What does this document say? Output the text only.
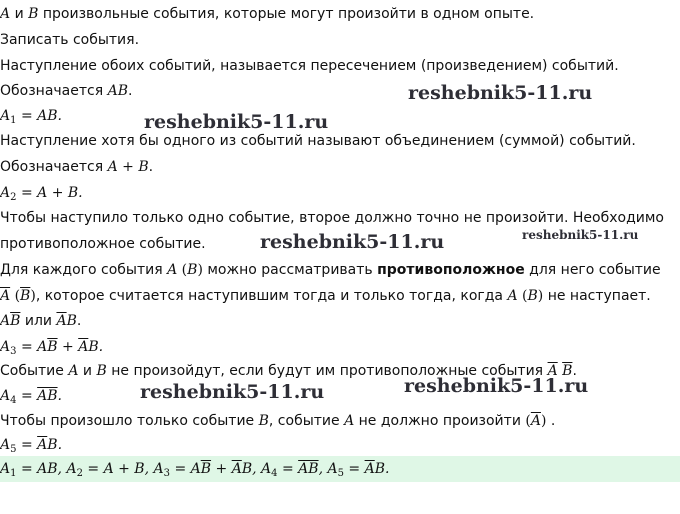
A и B произвольные события, которые могут произойти в одном опыте.
Записать события.
Наступление обоих событий, называется пересечением (произведением) событий.
Обозначается AB.
$A_1$ = AB.
Наступление хотя бы одного из событий называют объединением (суммой) событий.
Обозначается A + B.
$A_2 = A + B$.
Чтобы наступило только одно событие, второе должно точно не произойти. Необходимо
противоположное событие.
Для каждого события A (B) можно рассматривать противоположное для него событие
$\overline{A}$ $(\overline{B})$, которое считается наступившим тогда и только тогда, когда A (B) не наступает.
$A\overline{B}$ или $\overline{A}B$.
$A_3 = A\overline{B} + \overline{A}B$.
Событие A и B не произойдут, если будут им противоположные события $\overline{A}$ $\overline{B}$.
$A_4 = \overline{AB}$.
Чтобы произошло только событие B, событие A не должно произойти $(\overline{A})$ .
$A_5 = \overline{A}B$.
$A_1$ = AB, $A_2 = A + B$, $A_3 = A\overline{B} + \overline{A}B$, $A_4 = \overline{AB}$, $A_5 = \overline{A}B$.
reshebnik5-11.ru
reshebnik5-11.ru
reshebnik5-11.ru	reshebnik5-11.ru
reshebnik5-11.ru	reshebnik5-11.ru
